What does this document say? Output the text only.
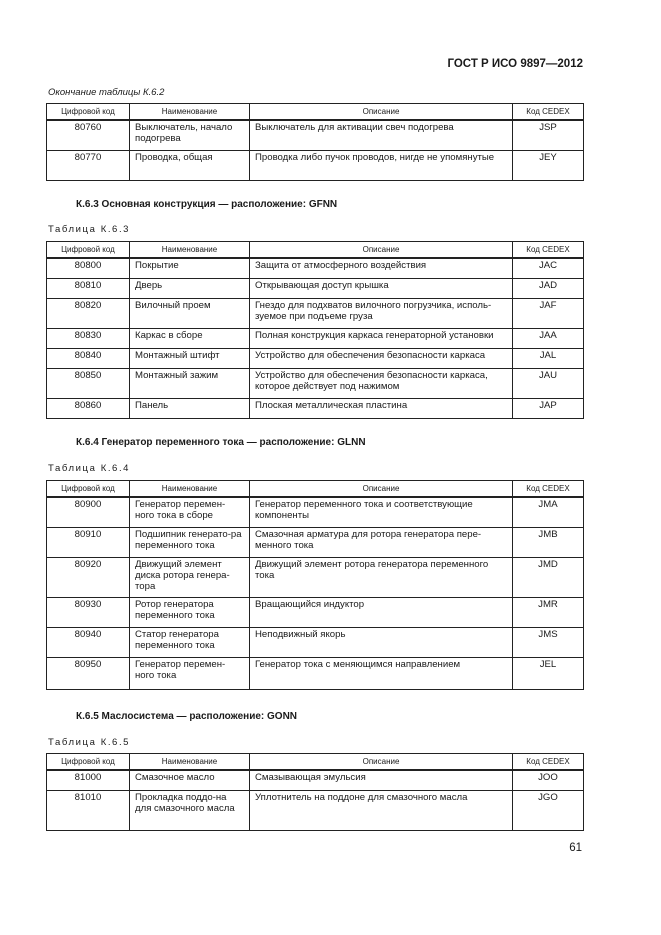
ГОСТ Р ИСО 9897—2012
Окончание таблицы К.6.2
Цифровой код	Наименование	Описание	Код CEDEX
80760	Выключатель, начало подогрева	Выключатель для активации свеч подогрева	JSP
80770	Проводка, общая	Проводка либо пучок проводов, нигде не упомянутые	JEY
К.6.3 Основная конструкция — расположение: GFNN
Таблица К.6.3
Цифровой код	Наименование	Описание	Код CEDEX
80800	Покрытие	Защита от атмосферного воздействия	JAC
80810	Дверь	Открывающая доступ крышка	JAD
80820	Вилочный проем	Гнездо для подхватов вилочного погрузчика, исполь-зуемое при подъеме груза	JAF
80830	Каркас в сборе	Полная конструкция каркаса генераторной установки	JAA
80840	Монтажный штифт	Устройство для обеспечения безопасности каркаса	JAL
80850	Монтажный зажим	Устройство для обеспечения безопасности каркаса, которое действует под нажимом	JAU
80860	Панель	Плоская металлическая пластина	JAP
К.6.4 Генератор переменного тока — расположение: GLNN
Таблица К.6.4
Цифровой код	Наименование	Описание	Код CEDEX
80900	Генератор перемен-ного тока в сборе	Генератор переменного тока и соответствующие компоненты	JMA
80910	Подшипник генерато-ра переменного тока	Смазочная арматура для ротора генератора пере-менного тока	JMB
80920	Движущий элемент диска ротора генера-тора	Движущий элемент ротора генератора переменного тока	JMD
80930	Ротор генератора переменного тока	Вращающийся индуктор	JMR
80940	Статор генератора переменного тока	Неподвижный якорь	JMS
80950	Генератор перемен-ного тока	Генератор тока с меняющимся направлением	JEL
К.6.5 Маслосистема — расположение: GONN
Таблица К.6.5
Цифровой код	Наименование	Описание	Код CEDEX
81000	Смазочное масло	Смазывающая эмульсия	JOO
81010	Прокладка поддо-на для смазочного масла	Уплотнитель на поддоне для смазочного масла	JGO
61
